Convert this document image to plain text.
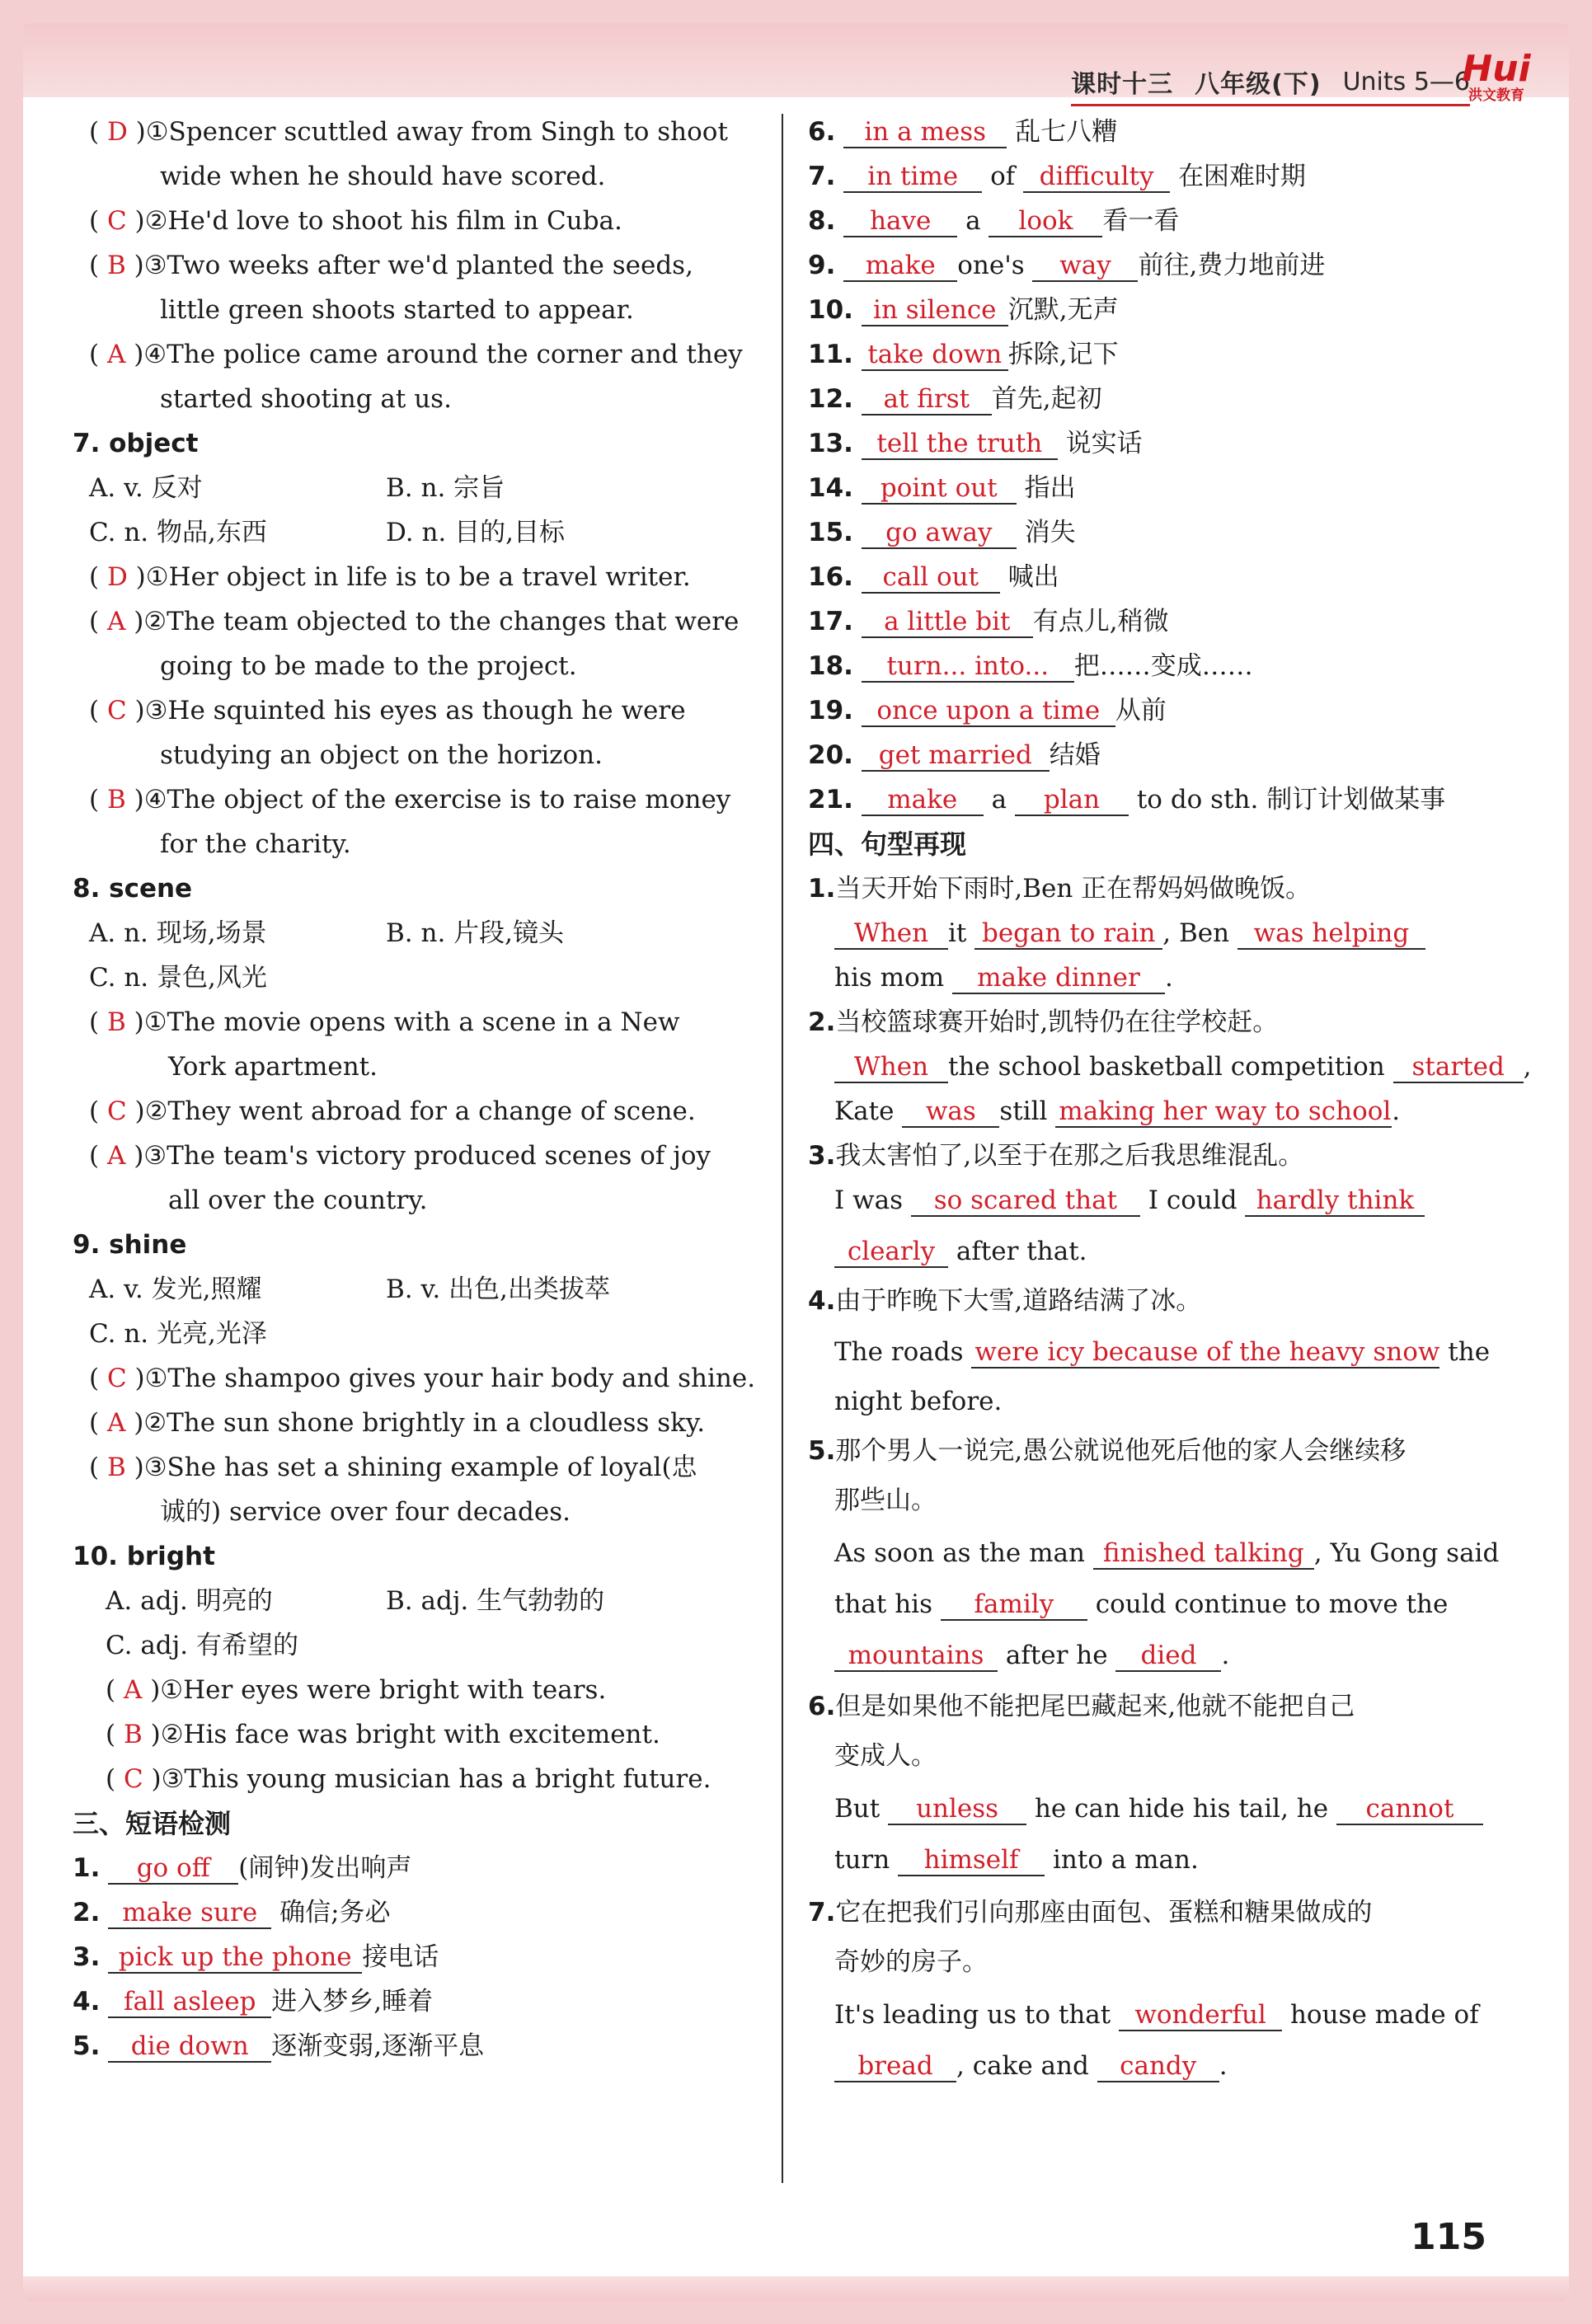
课时十三 八年级(下) Units 5—6
Hui
洪文教育
( D )①Spencer scuttled away from Singh to shoot
wide when he should have scored.
( C )②He'd love to shoot his film in Cuba.
( B )③Two weeks after we'd planted the seeds,
little green shoots started to appear.
( A )④The police came around the corner and they
started shooting at us.
7. object
A. v. 反对	B. n. 宗旨
C. n. 物品,东西	D. n. 目的,目标
( D )①Her object in life is to be a travel writer.
( A )②The team objected to the changes that were
going to be made to the project.
( C )③He squinted his eyes as though he were
studying an object on the horizon.
( B )④The object of the exercise is to raise money
for the charity.
8. scene
A. n. 现场,场景	B. n. 片段,镜头
C. n. 景色,风光
( B )①The movie opens with a scene in a New
York apartment.
( C )②They went abroad for a change of scene.
( A )③The team's victory produced scenes of joy
all over the country.
9. shine
A. v. 发光,照耀	B. v. 出色,出类拔萃
C. n. 光亮,光泽
( C )①The shampoo gives your hair body and shine.
( A )②The sun shone brightly in a cloudless sky.
( B )③She has set a shining example of loyal(忠
诚的) service over four decades.
10. bright
A. adj. 明亮的	B. adj. 生气勃勃的
C. adj. 有希望的
( A )①Her eyes were bright with tears.
( B )②His face was bright with excitement.
( C )③This young musician has a bright future.
三、短语检测
1. go off (闹钟)发出响声
2. make sure 确信;务必
3. pick up the phone 接电话
4. fall asleep 进入梦乡,睡着
5. die down 逐渐变弱,逐渐平息
6. in a mess 乱七八糟
7. in time of difficulty 在困难时期
8. have a look 看一看
9. make one's way 前往,费力地前进
10. in silence 沉默,无声
11. take down 拆除,记下
12. at first 首先,起初
13. tell the truth 说实话
14. point out 指出
15. go away 消失
16. call out 喊出
17. a little bit 有点儿,稍微
18. turn... into... 把……变成……
19. once upon a time 从前
20. get married 结婚
21. make a plan to do sth. 制订计划做某事
四、句型再现
1.当天开始下雨时,Ben 正在帮妈妈做晚饭。
When it began to rain , Ben was helping
his mom make dinner .
2.当校篮球赛开始时,凯特仍在往学校赶。
When the school basketball competition started ,
Kate was still making her way to school.
3.我太害怕了,以至于在那之后我思维混乱。
I was so scared that I could hardly think
clearly after that.
4.由于昨晚下大雪,道路结满了冰。
The roads were icy because of the heavy snow the
night before.
5.那个男人一说完,愚公就说他死后他的家人会继续移
那些山。
As soon as the man finished talking , Yu Gong said
that his family could continue to move the
mountains after he died .
6.但是如果他不能把尾巴藏起来,他就不能把自己
变成人。
But unless he can hide his tail, he cannot
turn himself into a man.
7.它在把我们引向那座由面包、蛋糕和糖果做成的
奇妙的房子。
It's leading us to that wonderful house made of
bread , cake and candy .
115
